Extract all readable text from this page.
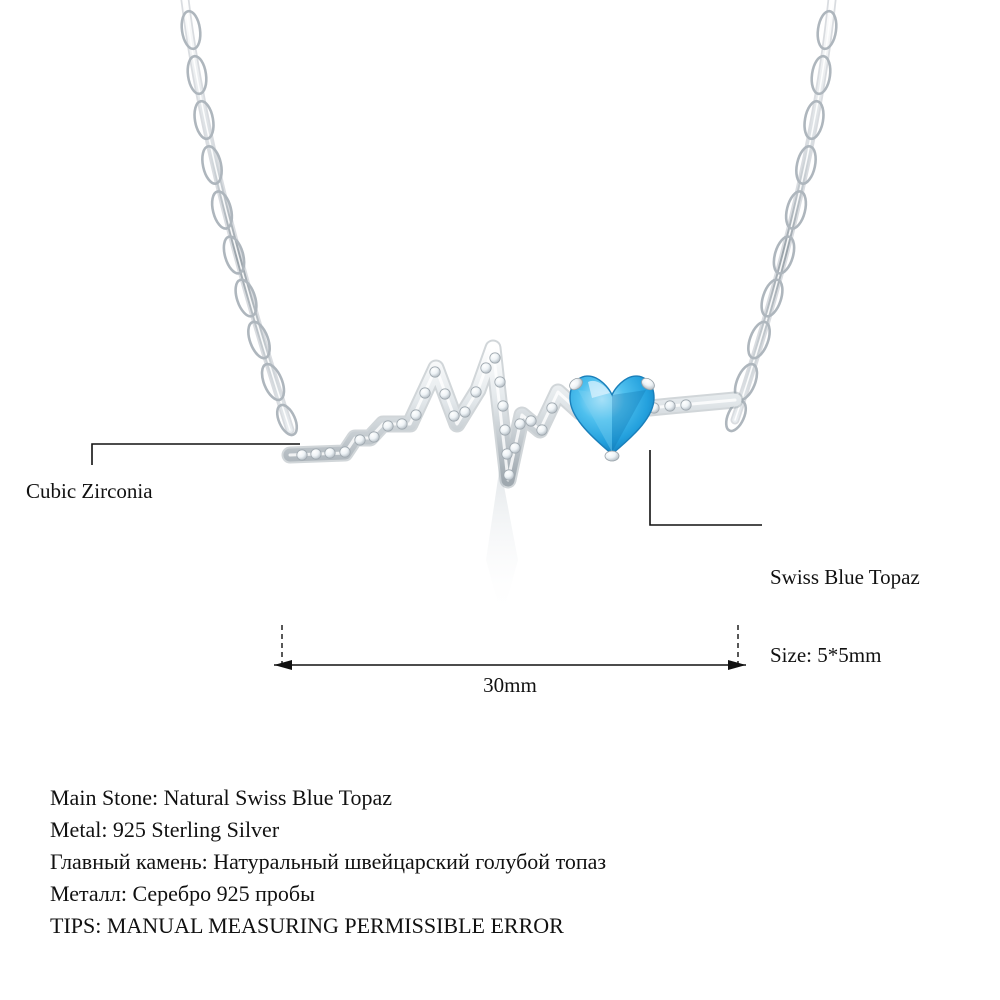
Cubic Zirconia

Swiss Blue Topaz

Size: 5*5mm

30mm
Main Stone: Natural Swiss Blue Topaz
Metal: 925 Sterling Silver
Главный камень: Натуральный швейцарский голубой топаз
Металл: Серебро 925 пробы
TIPS: MANUAL MEASURING PERMISSIBLE ERROR
